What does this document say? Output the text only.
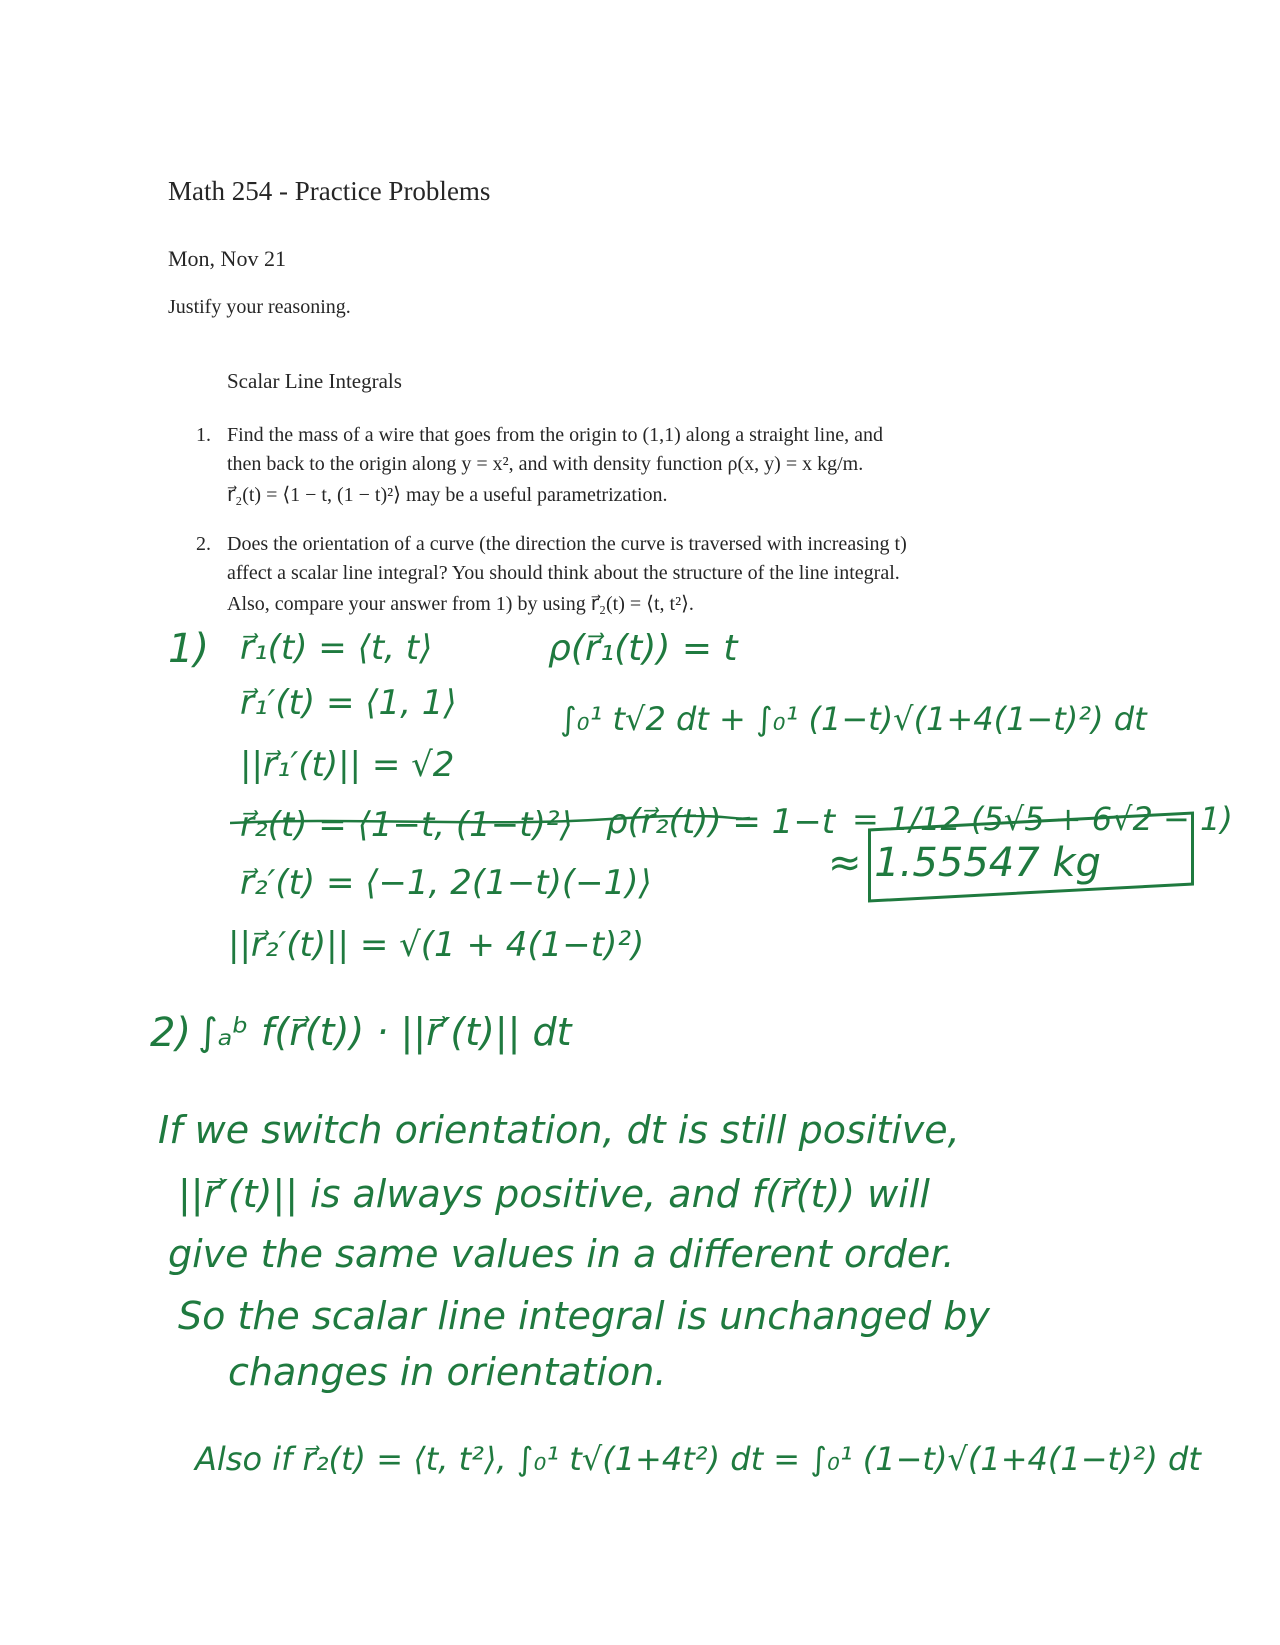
Math 254 - Practice Problems
Mon, Nov 21
Justify your reasoning.
Scalar Line Integrals
1. Find the mass of a wire that goes from the origin to (1,1) along a straight line, and
then back to the origin along y = x², and with density function ρ(x, y) = x kg/m.
r⃗₂(t) = ⟨1 − t, (1 − t)²⟩ may be a useful parametrization.
2. Does the orientation of a curve (the direction the curve is traversed with increasing t)
affect a scalar line integral? You should think about the structure of the line integral.
Also, compare your answer from 1) by using r⃗₂(t) = ⟨t, t²⟩.
1) r⃗₁(t) = ⟨t, t⟩	ρ(r⃗₁(t)) = t
r⃗₁′(t) = ⟨1, 1⟩	∫₀¹ t√2 dt + ∫₀¹ (1−t)√(1+4(1−t)²) dt
||r⃗₁′(t)|| = √2
r⃗₂(t) = ⟨1−t, (1−t)²⟩ ρ(r⃗₂(t)) = 1−t = 1/12 (5√5 + 6√2 − 1)
r⃗₂′(t) = ⟨−1, 2(1−t)(−1)⟩	≈ 1.55547 kg
||r⃗₂′(t)|| = √(1 + 4(1−t)²)
2) ∫ₐᵇ f(r⃗(t)) · ||r⃗′(t)|| dt
If we switch orientation, dt is still positive,
||r⃗′(t)|| is always positive, and f(r⃗(t)) will
give the same values in a different order.
So the scalar line integral is unchanged by
changes in orientation.
Also if r⃗₂(t) = ⟨t, t²⟩, ∫₀¹ t√(1+4t²) dt = ∫₀¹ (1−t)√(1+4(1−t)²) dt
